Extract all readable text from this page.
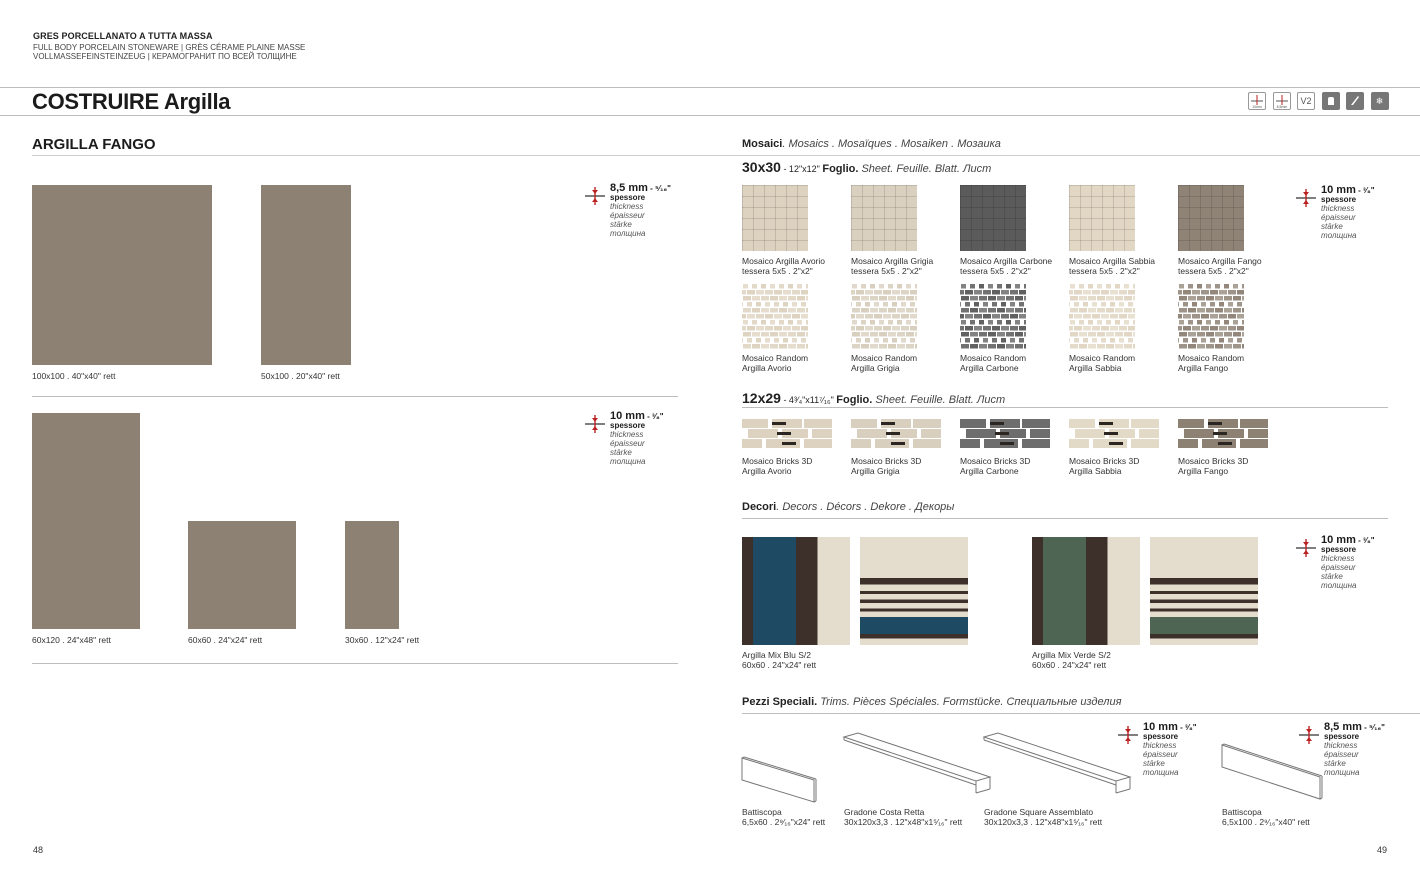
GRES PORCELLANATO A TUTTA MASSA
FULL BODY PORCELAIN STONEWARE | GRÈS CÉRAME PLAINE MASSE
VOLLMASSEFEINSTEINZEUG | КЕРАМОГРАНИТ ПО ВСЕЙ ТОЛЩИНЕ
COSTRUIRE Argilla	10mm	8,5mm
V2	❄
ARGILLA FANGO
100x100 . 40"x40" rett	50x100 . 20"x40" rett
8,5 mm - ⁵⁄₁₆"
spessore
thickness
épaisseur
stärke
толщина
60x120 . 24"x48" rett	60x60 . 24"x24" rett	30x60 . 12"x24" rett
10 mm - ³⁄₈"
spessore
thickness
épaisseur
stärke
толщина
48
Mosaici. Mosaics . Mosaïques . Mosaiken . Мозаика
30x30 - 12"x12" Foglio. Sheet. Feuille. Blatt. Лист
Mosaico Argilla Avorio
tessera 5x5 . 2"x2"
Mosaico Argilla Grigia
tessera 5x5 . 2"x2"
Mosaico Argilla Carbone
tessera 5x5 . 2"x2"
Mosaico Argilla Sabbia
tessera 5x5 . 2"x2"
Mosaico Argilla Fango
tessera 5x5 . 2"x2"
Mosaico Random
Argilla Avorio
Mosaico Random
Argilla Grigia
Mosaico Random
Argilla Carbone
Mosaico Random
Argilla Sabbia
Mosaico Random
Argilla Fango
10 mm - ³⁄₈"
spessore
thickness
épaisseur
stärke
толщина
12x29 - 4³⁄₄"x11⁷⁄₁₆" Foglio. Sheet. Feuille. Blatt. Лист
Mosaico Bricks 3D
Argilla Avorio
Mosaico Bricks 3D
Argilla Grigia
Mosaico Bricks 3D
Argilla Carbone
Mosaico Bricks 3D
Argilla Sabbia
Mosaico Bricks 3D
Argilla Fango
Decori. Decors . Décors . Dekore . Декоры
Argilla Mix Blu S/2
60x60 . 24"x24" rett
Argilla Mix Verde S/2
60x60 . 24"x24" rett
10 mm - ³⁄₈"
spessore
thickness
épaisseur
stärke
толщина
Pezzi Speciali. Trims. Pièces Spéciales. Formstücke. Специальные изделия
10 mm - ³⁄₈"
spessore
thickness
épaisseur
stärke
толщина
8,5 mm - ⁵⁄₁₆"
spessore
thickness
épaisseur
stärke
толщина
Battiscopa
6,5x60 . 2⁹⁄₁₆"x24" rett
Gradone Costa Retta
30x120x3,3 . 12"x48"x1⁵⁄₁₆" rett
Gradone Square Assemblato
30x120x3,3 . 12"x48"x1⁵⁄₁₆" rett
Battiscopa
6,5x100 . 2⁹⁄₁₆"x40" rett
49
